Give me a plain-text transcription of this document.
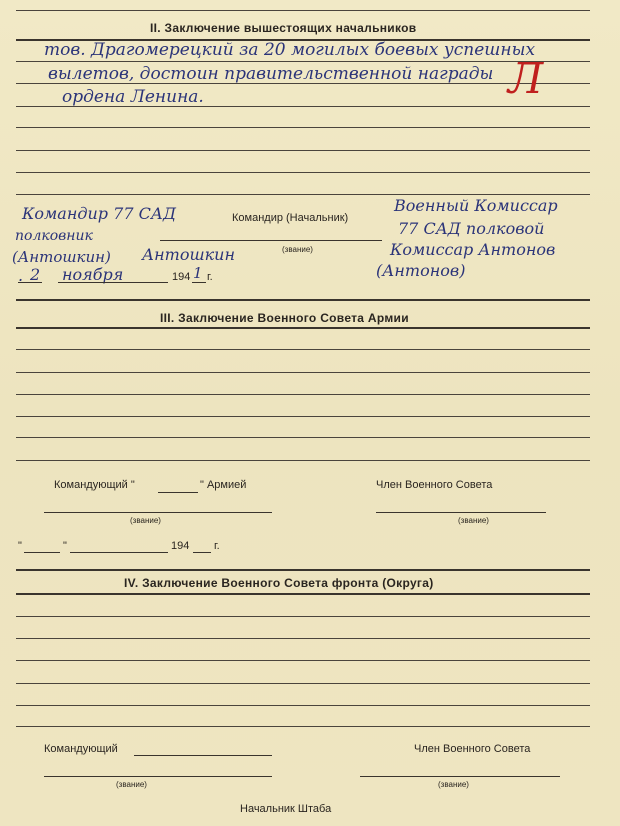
II. Заключение вышестоящих начальников
тов. Драгомерецкий за 20 могилых боевых успешных
вылетов, достоин правительственной награды
ордена Ленина.	Л
Командир 77 САД
полковник
(Антошкин) Антошкин
Командир (Начальник)
(звание)
. 2 ноября	194 1 г.
Военный Комиссар
77 САД полковой
Комиссар Антонов
(Антонов)
III. Заключение Военного Совета Армии
Командующий "	" Армией	Член Военного Совета
(звание)	(звание)
"	"	194 г.
IV. Заключение Военного Совета фронта (Округа)
Командующий	Член Военного Совета
(звание)	(звание)
Начальник Штаба
